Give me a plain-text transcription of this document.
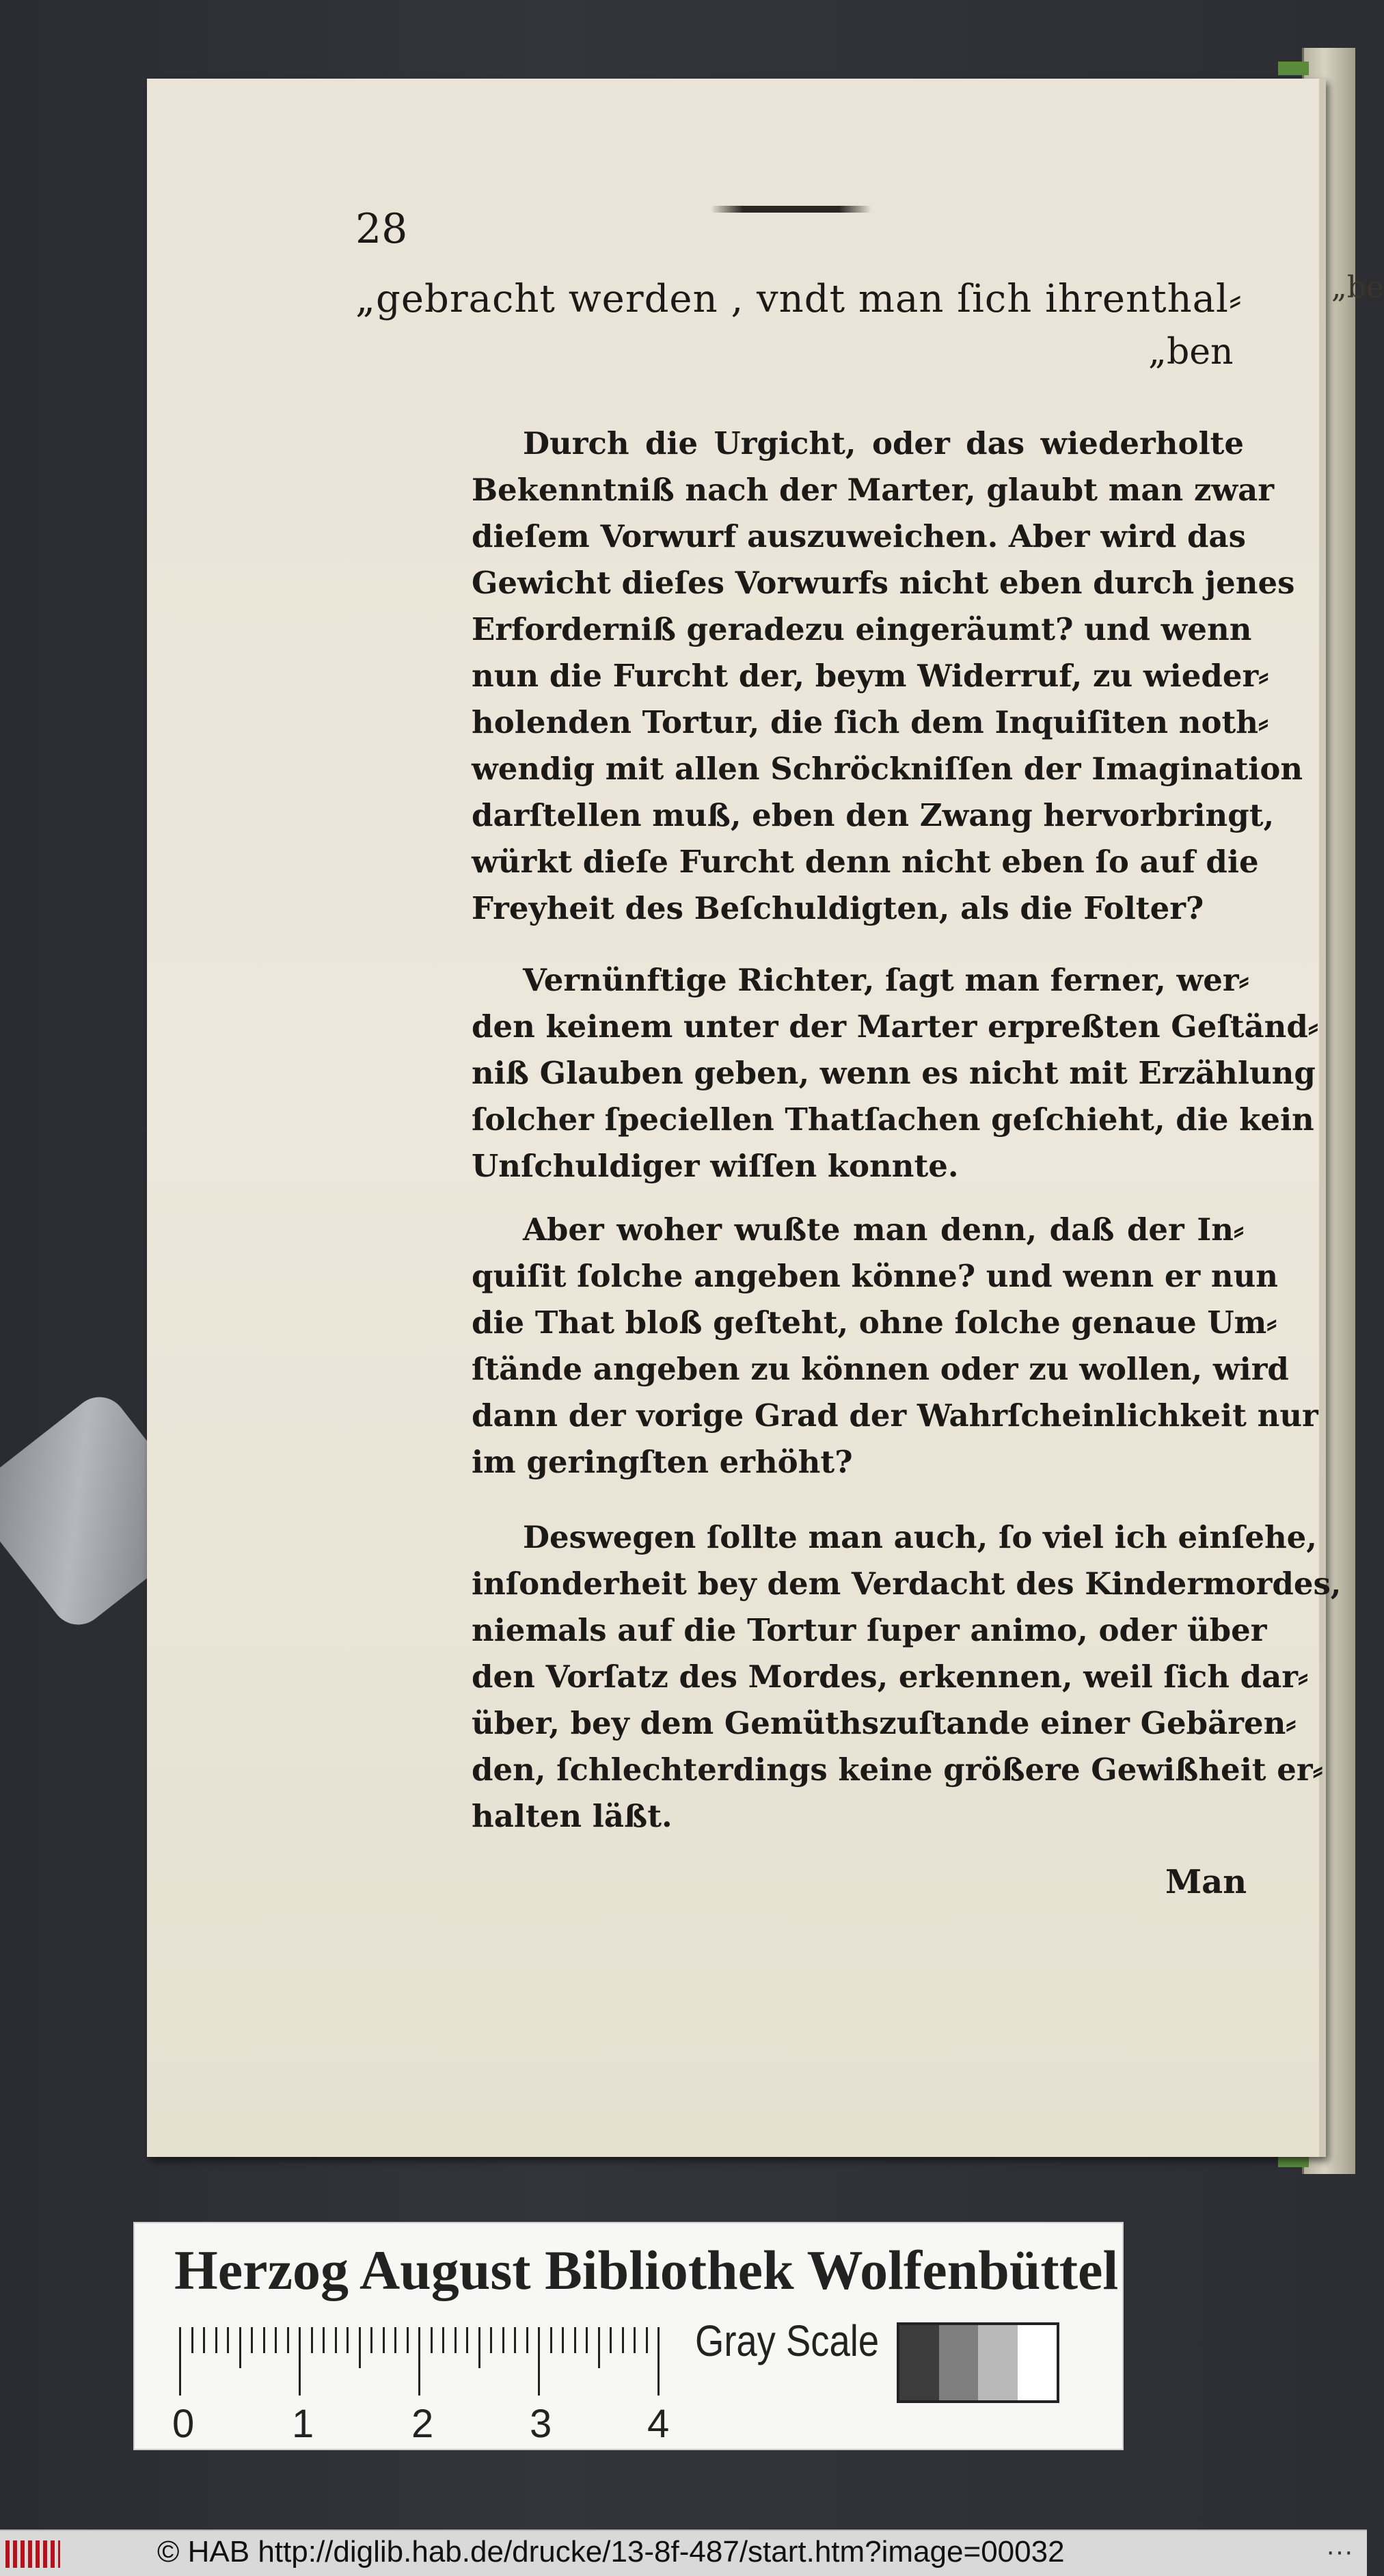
„be
28
„gebracht werden , vndt man ſich ihrenthal⸗
„ben
Durch die Urgicht, oder das wiederholte
Bekenntniß nach der Marter, glaubt man zwar
dieſem Vorwurf auszuweichen. Aber wird das
Gewicht dieſes Vorwurfs nicht eben durch jenes
Erforderniß geradezu eingeräumt? und wenn
nun die Furcht der, beym Widerruf, zu wieder⸗
holenden Tortur, die ſich dem Inquiſiten noth⸗
wendig mit allen Schröckniſſen der Imagination
darſtellen muß, eben den Zwang hervorbringt,
würkt dieſe Furcht denn nicht eben ſo auf die
Freyheit des Beſchuldigten, als die Folter?
Vernünftige Richter, ſagt man ferner, wer⸗
den keinem unter der Marter erpreßten Geſtänd⸗
niß Glauben geben, wenn es nicht mit Erzählung
ſolcher ſpeciellen Thatſachen geſchieht, die kein
Unſchuldiger wiſſen konnte.
Aber woher wußte man denn, daß der In⸗
quiſit ſolche angeben könne? und wenn er nun
die That bloß geſteht, ohne ſolche genaue Um⸗
ſtände angeben zu können oder zu wollen, wird
dann der vorige Grad der Wahrſcheinlichkeit nur
im geringſten erhöht?
Deswegen ſollte man auch, ſo viel ich einſehe,
inſonderheit bey dem Verdacht des Kindermordes,
niemals auf die Tortur ſuper animo, oder über
den Vorſatz des Mordes, erkennen, weil ſich dar⸗
über, bey dem Gemüthszuſtande einer Gebären⸗
den, ſchlechterdings keine größere Gewißheit er⸗
halten läßt.
Man
Herzog August Bibliothek Wolfenbüttel
0 1 2 3 4
Gray Scale
© HAB http://diglib.hab.de/drucke/13-8f-487/start.htm?image=00032	···
